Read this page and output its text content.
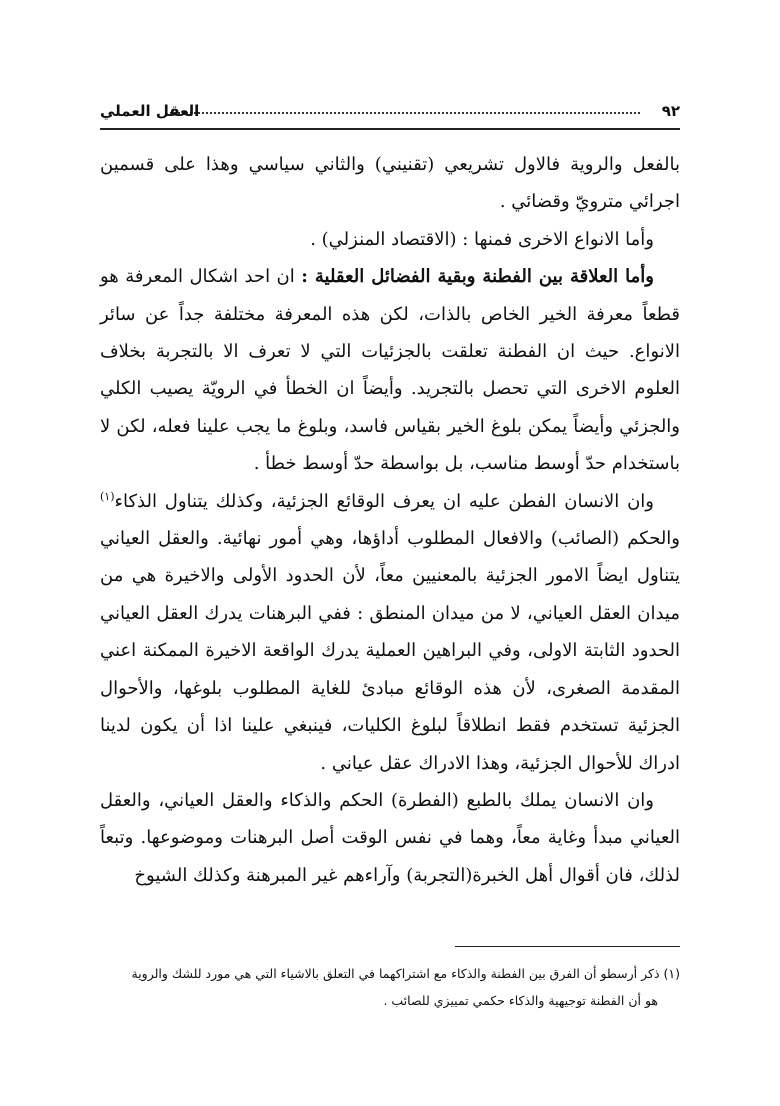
٩٢
العقل العملي

بالفعل والروية فالاول تشريعي (تقنيني) والثاني سياسي وهذا على قسمين اجرائي مترويّ وقضائي .

وأما الانواع الاخرى فمنها : (الاقتصاد المنزلي) .

وأما العلاقة بين الفطنة وبقية الفضائل العقلية : ان احد اشكال المعرفة هو قطعاً معرفة الخير الخاص بالذات، لكن هذه المعرفة مختلفة جداً عن سائر الانواع. حيث ان الفطنة تعلقت بالجزئيات التي لا تعرف الا بالتجربة بخلاف العلوم الاخرى التي تحصل بالتجريد. وأيضاً ان الخطأ في الرويّة يصيب الكلي والجزئي وأيضاً يمكن بلوغ الخير بقياس فاسد، وبلوغ ما يجب علينا فعله، لكن لا باستخدام حدّ أوسط مناسب، بل بواسطة حدّ أوسط خطأ .

وان الانسان الفطن عليه ان يعرف الوقائع الجزئية، وكذلك يتناول الذكاء$^{(١)}$ والحكم (الصائب) والافعال المطلوب أداؤها، وهي أمور نهائية. والعقل العياني يتناول ايضاً الامور الجزئية بالمعنيين معاً، لأن الحدود الأولى والاخيرة هي من ميدان العقل العياني، لا من ميدان المنطق : ففي البرهنات يدرك العقل العياني الحدود الثابتة الاولى، وفي البراهين العملية يدرك الواقعة الاخيرة الممكنة اعني المقدمة الصغرى، لأن هذه الوقائع مبادئ للغاية المطلوب بلوغها، والأحوال الجزئية تستخدم فقط انطلاقاً لبلوغ الكليات، فينبغي علينا اذا أن يكون لدينا ادراك للأحوال الجزئية، وهذا الادراك عقل عياني .

وان الانسان يملك بالطبع (الفطرة) الحكم والذكاء والعقل العياني، والعقل العياني مبدأ وغاية معاً، وهما في نفس الوقت أصل البرهنات وموضوعها. وتبعاً لذلك، فان أقوال أهل الخبرة(التجربة) وآراءهم غير المبرهنة وكذلك الشيوخ

(١) ذكر أرسطو أن الفرق بين الفطنة والذكاء مع اشتراكهما في التعلق بالاشياء التي هي مورد للشك والروية

هو أن الفطنة توجيهية والذكاء حكمي تمييزي للصائب .
